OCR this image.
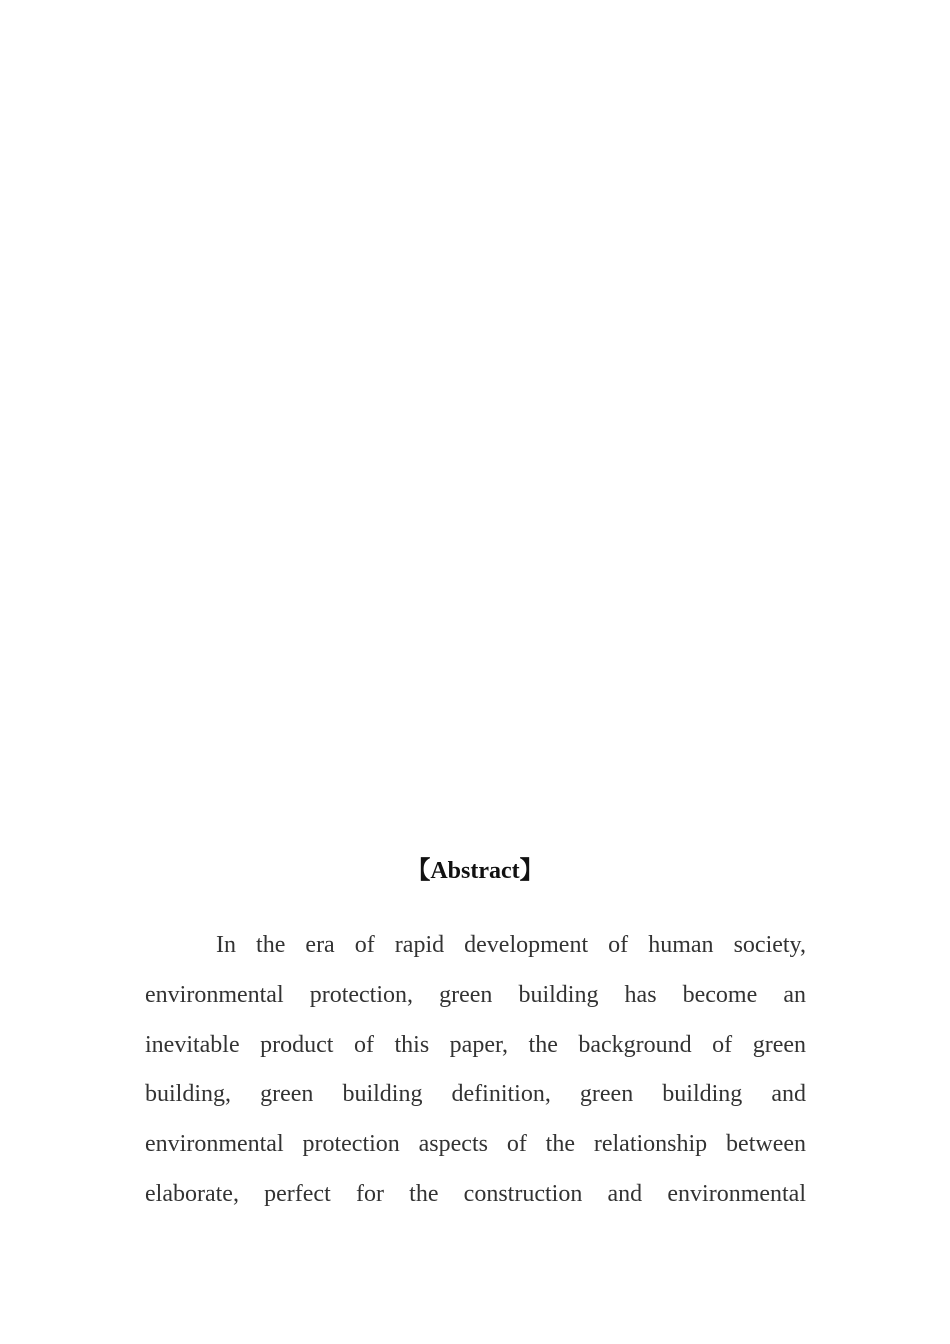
【Abstract】
In the era of rapid development of human society,
environmental protection, green building has become an
inevitable product of this paper, the background of green
building, green building definition, green building and
environmental protection aspects of the relationship between
elaborate, perfect for the construction and environmental
